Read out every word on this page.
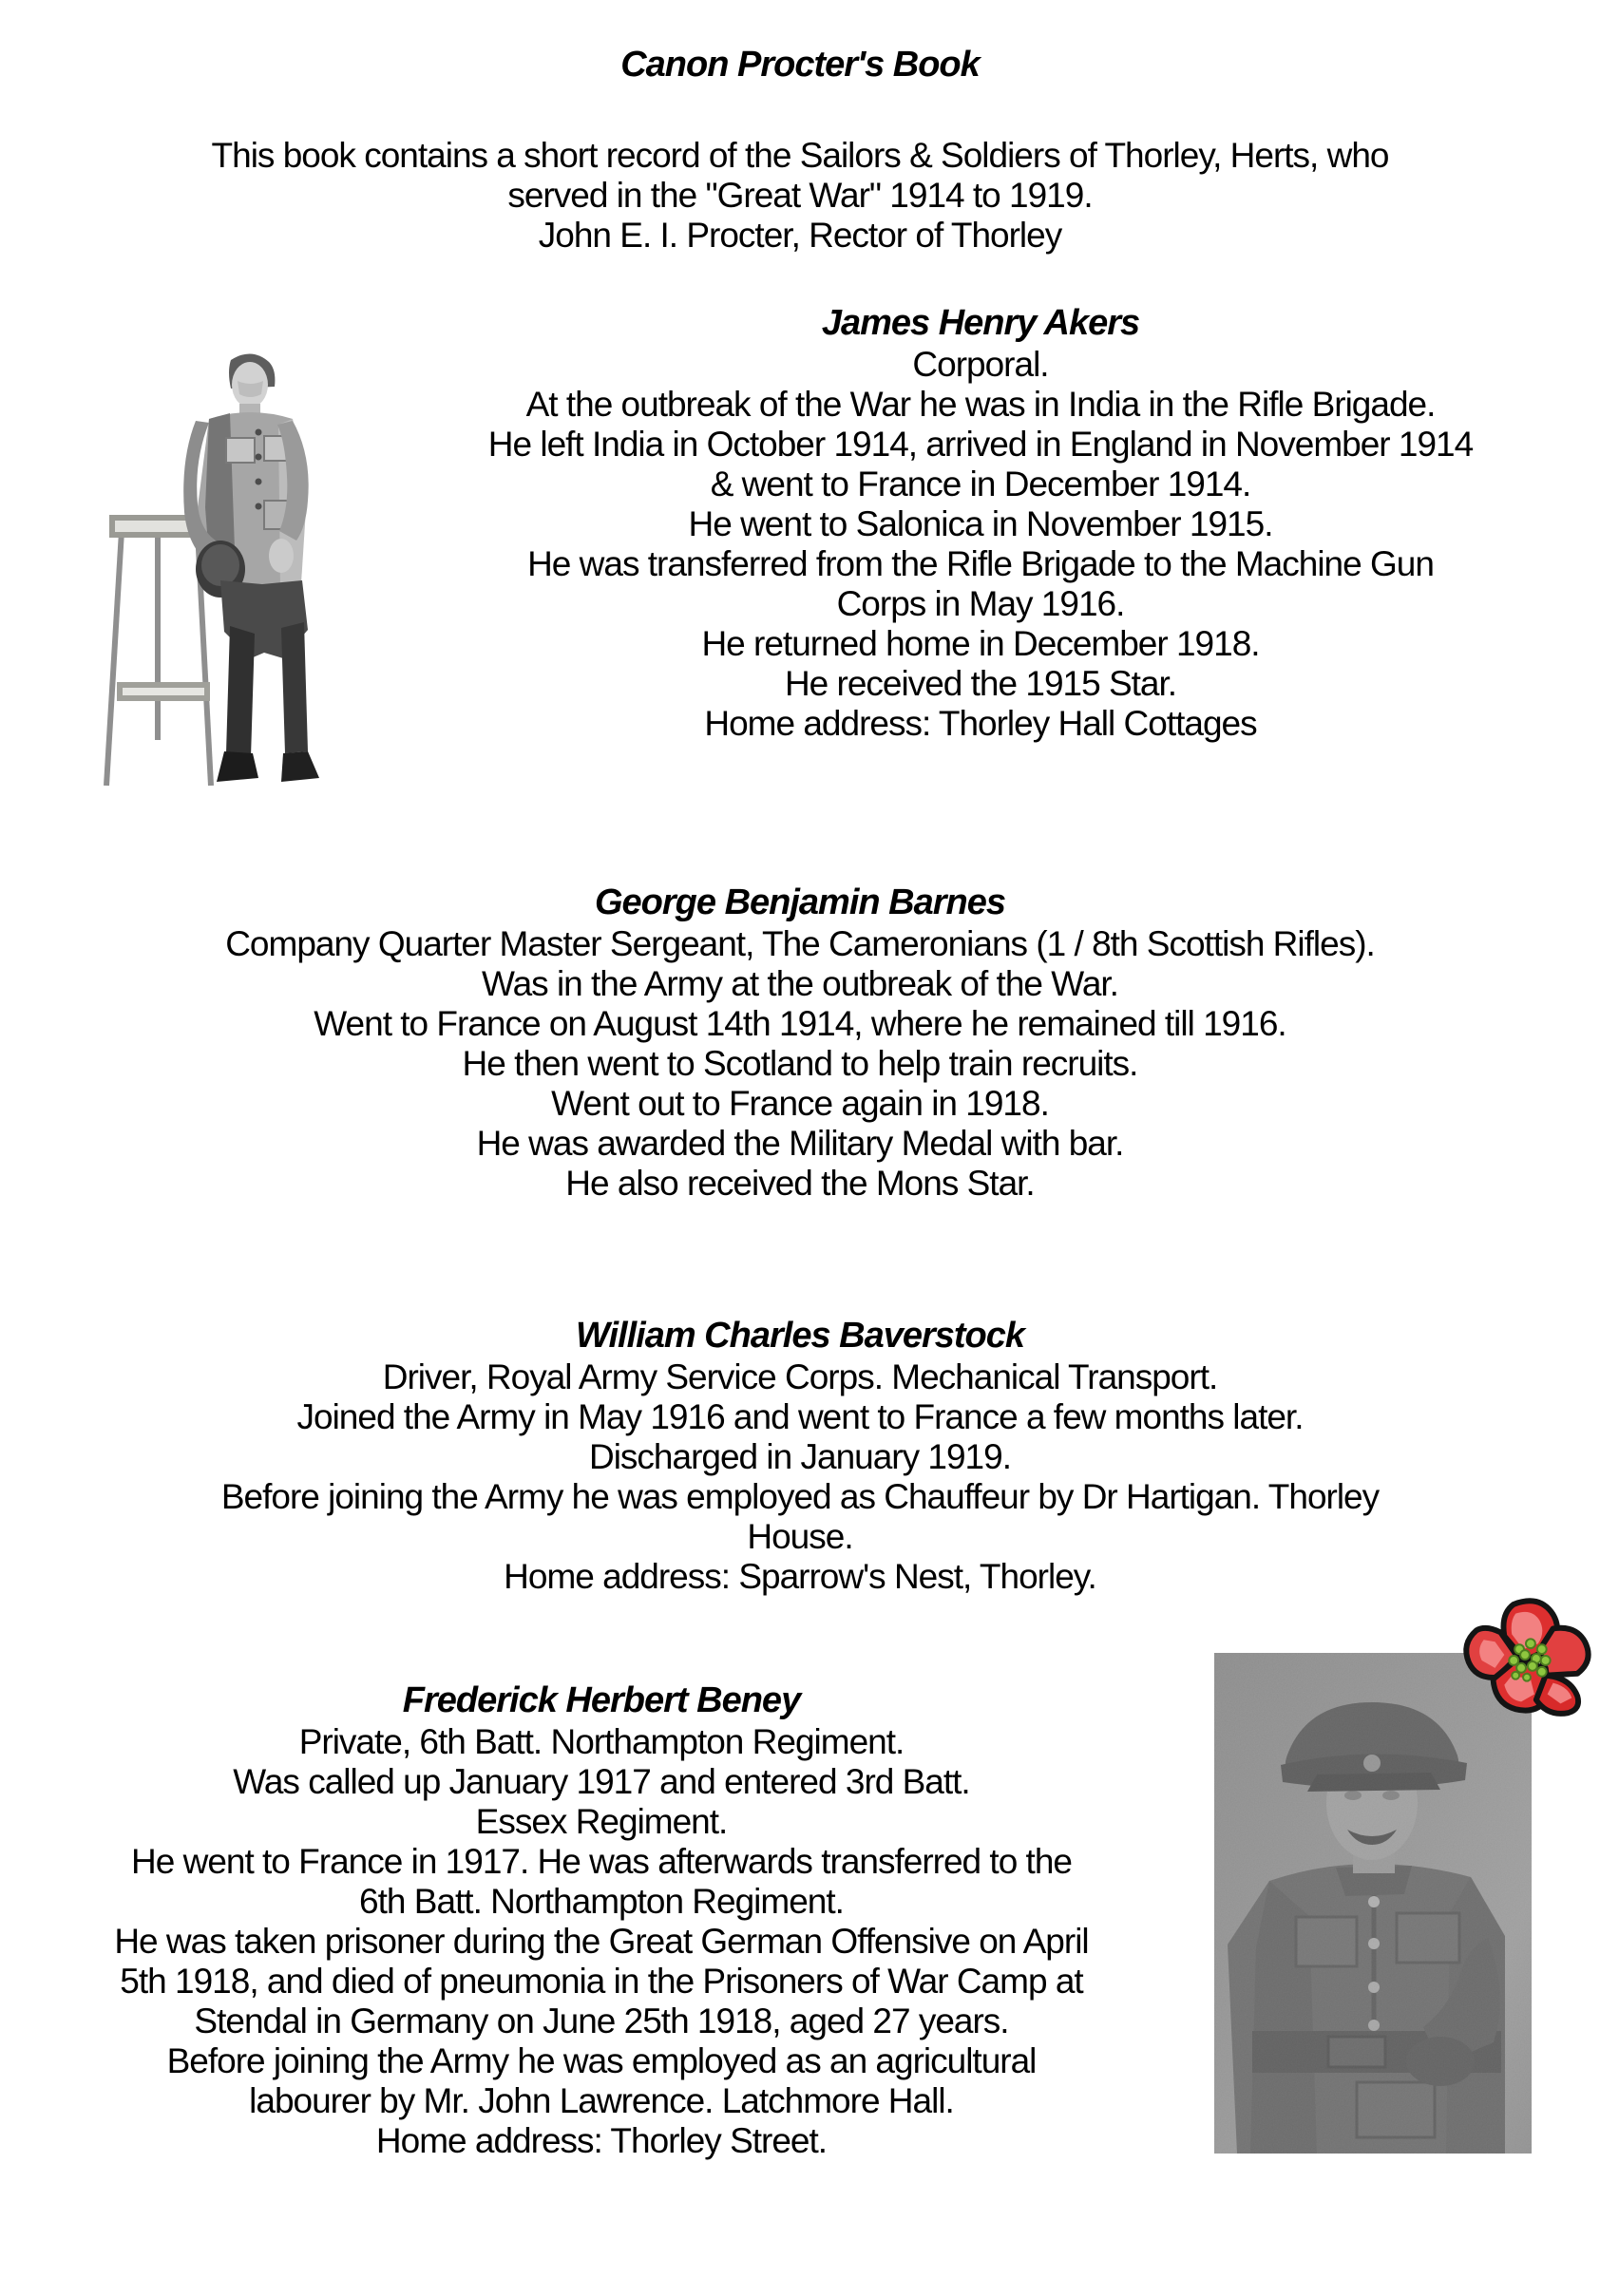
Canon Procter's Book
This book contains a short record of the Sailors & Soldiers of Thorley, Herts, who
served in the "Great War" 1914 to 1919.
John E. I. Procter, Rector of Thorley
James Henry Akers
Corporal.
At the outbreak of the War he was in India in the Rifle Brigade.
He left India in October 1914, arrived in England in November 1914
& went to France in December 1914.
He went to Salonica in November 1915.
He was transferred from the Rifle Brigade to the Machine Gun
Corps in May 1916.
He returned home in December 1918.
He received the 1915 Star.
Home address: Thorley Hall Cottages
George Benjamin Barnes
Company Quarter Master Sergeant, The Cameronians (1 / 8th Scottish Rifles).
Was in the Army at the outbreak of the War.
Went to France on August 14th 1914, where he remained till 1916.
He then went to Scotland to help train recruits.
Went out to France again in 1918.
He was awarded the Military Medal with bar.
He also received the Mons Star.
William Charles Baverstock
Driver, Royal Army Service Corps. Mechanical Transport.
Joined the Army in May 1916 and went to France a few months later.
Discharged in January 1919.
Before joining the Army he was employed as Chauffeur by Dr Hartigan. Thorley
House.
Home address: Sparrow's Nest, Thorley.
Frederick Herbert Beney
Private, 6th Batt. Northampton Regiment.
Was called up January 1917 and entered 3rd Batt.
Essex Regiment.
He went to France in 1917. He was afterwards transferred to the
6th Batt. Northampton Regiment.
He was taken prisoner during the Great German Offensive on April
5th 1918, and died of pneumonia in the Prisoners of War Camp at
Stendal in Germany on June 25th 1918, aged 27 years.
Before joining the Army he was employed as an agricultural
labourer by Mr. John Lawrence. Latchmore Hall.
Home address: Thorley Street.
